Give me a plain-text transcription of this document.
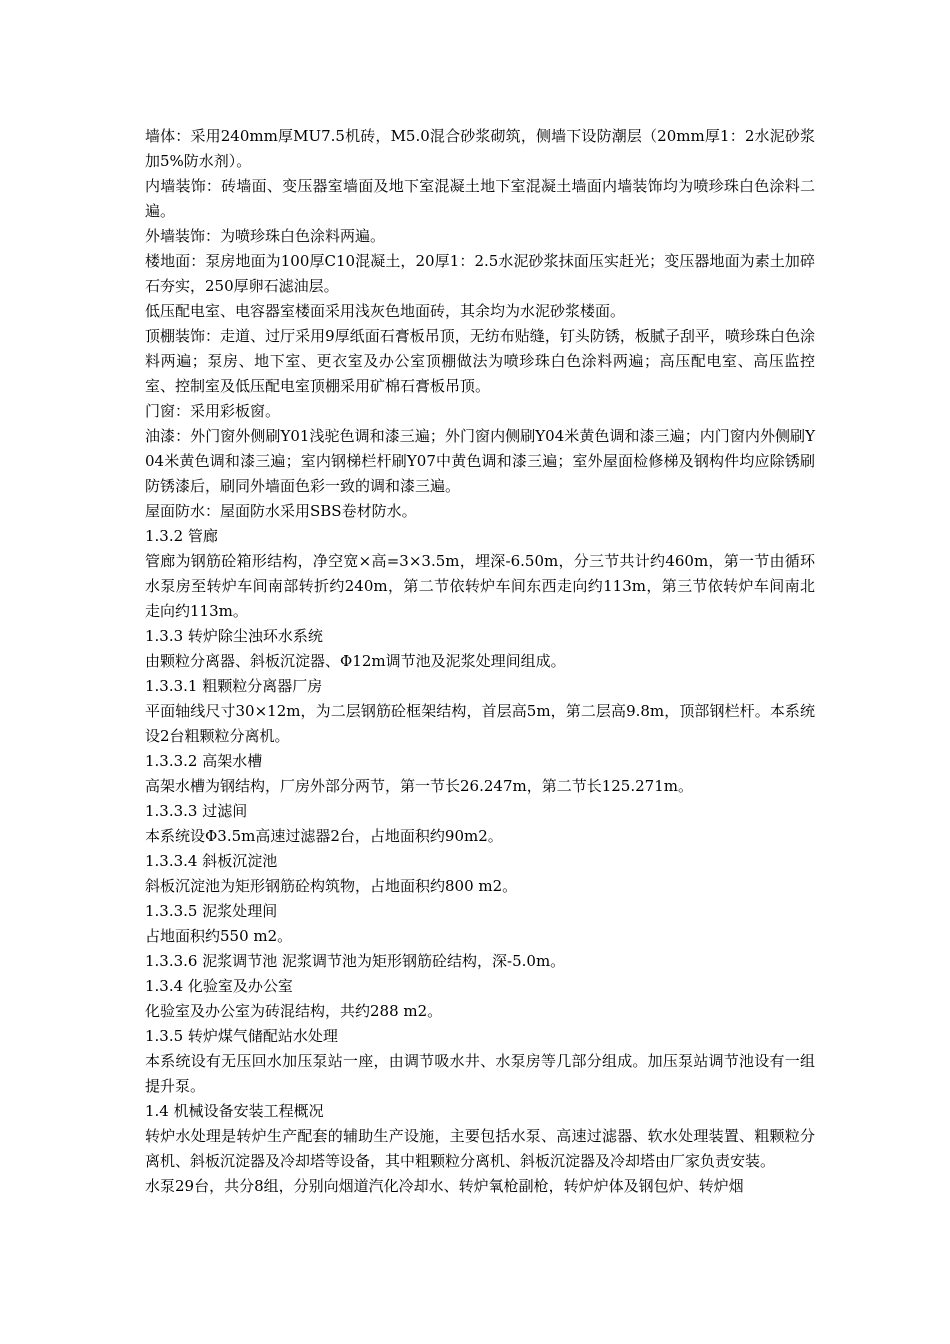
墙体：采用240mm厚MU7.5机砖，M5.0混合砂浆砌筑，侧墙下设防潮层（20mm厚1：2水泥砂浆加5%防水剂）。

内墙装饰：砖墙面、变压器室墙面及地下室混凝土地下室混凝土墙面内墙装饰均为喷珍珠白色涂料二遍。

外墙装饰：为喷珍珠白色涂料两遍。

楼地面：泵房地面为100厚C10混凝土，20厚1：2.5水泥砂浆抹面压实赶光；变压器地面为素土加碎石夯实，250厚卵石滤油层。

低压配电室、电容器室楼面采用浅灰色地面砖，其余均为水泥砂浆楼面。

顶棚装饰：走道、过厅采用9厚纸面石膏板吊顶，无纺布贴缝，钉头防锈，板腻子刮平，喷珍珠白色涂料两遍；泵房、地下室、更衣室及办公室顶棚做法为喷珍珠白色涂料两遍；高压配电室、高压监控室、控制室及低压配电室顶棚采用矿棉石膏板吊顶。

门窗：采用彩板窗。

油漆：外门窗外侧刷Y01浅驼色调和漆三遍；外门窗内侧刷Y04米黄色调和漆三遍；内门窗内外侧刷Y04米黄色调和漆三遍；室内钢梯栏杆刷Y07中黄色调和漆三遍；室外屋面检修梯及钢构件均应除锈刷防锈漆后，刷同外墙面色彩一致的调和漆三遍。

屋面防水：屋面防水采用SBS卷材防水。

1.3.2 管廊

管廊为钢筋砼箱形结构，净空宽×高=3×3.5m，埋深-6.50m，分三节共计约460m，第一节由循环水泵房至转炉车间南部转折约240m，第二节依转炉车间东西走向约113m，第三节依转炉车间南北走向约113m。

1.3.3 转炉除尘浊环水系统

由颗粒分离器、斜板沉淀器、Φ12m调节池及泥浆处理间组成。

1.3.3.1 粗颗粒分离器厂房

平面轴线尺寸30×12m，为二层钢筋砼框架结构，首层高5m，第二层高9.8m，顶部钢栏杆。本系统设2台粗颗粒分离机。

1.3.3.2 高架水槽

高架水槽为钢结构，厂房外部分两节，第一节长26.247m，第二节长125.271m。

1.3.3.3 过滤间

本系统设Φ3.5m高速过滤器2台，占地面积约90m2。

1.3.3.4 斜板沉淀池

斜板沉淀池为矩形钢筋砼构筑物，占地面积约800 m2。

1.3.3.5 泥浆处理间

占地面积约550 m2。

1.3.3.6 泥浆调节池 泥浆调节池为矩形钢筋砼结构，深-5.0m。

1.3.4 化验室及办公室

化验室及办公室为砖混结构，共约288 m2。

1.3.5 转炉煤气储配站水处理

本系统设有无压回水加压泵站一座，由调节吸水井、水泵房等几部分组成。加压泵站调节池设有一组提升泵。

1.4 机械设备安装工程概况

转炉水处理是转炉生产配套的辅助生产设施，主要包括水泵、高速过滤器、软水处理装置、粗颗粒分离机、斜板沉淀器及冷却塔等设备，其中粗颗粒分离机、斜板沉淀器及冷却塔由厂家负责安装。

水泵29台，共分8组，分别向烟道汽化冷却水、转炉氧枪副枪，转炉炉体及钢包炉、转炉烟
